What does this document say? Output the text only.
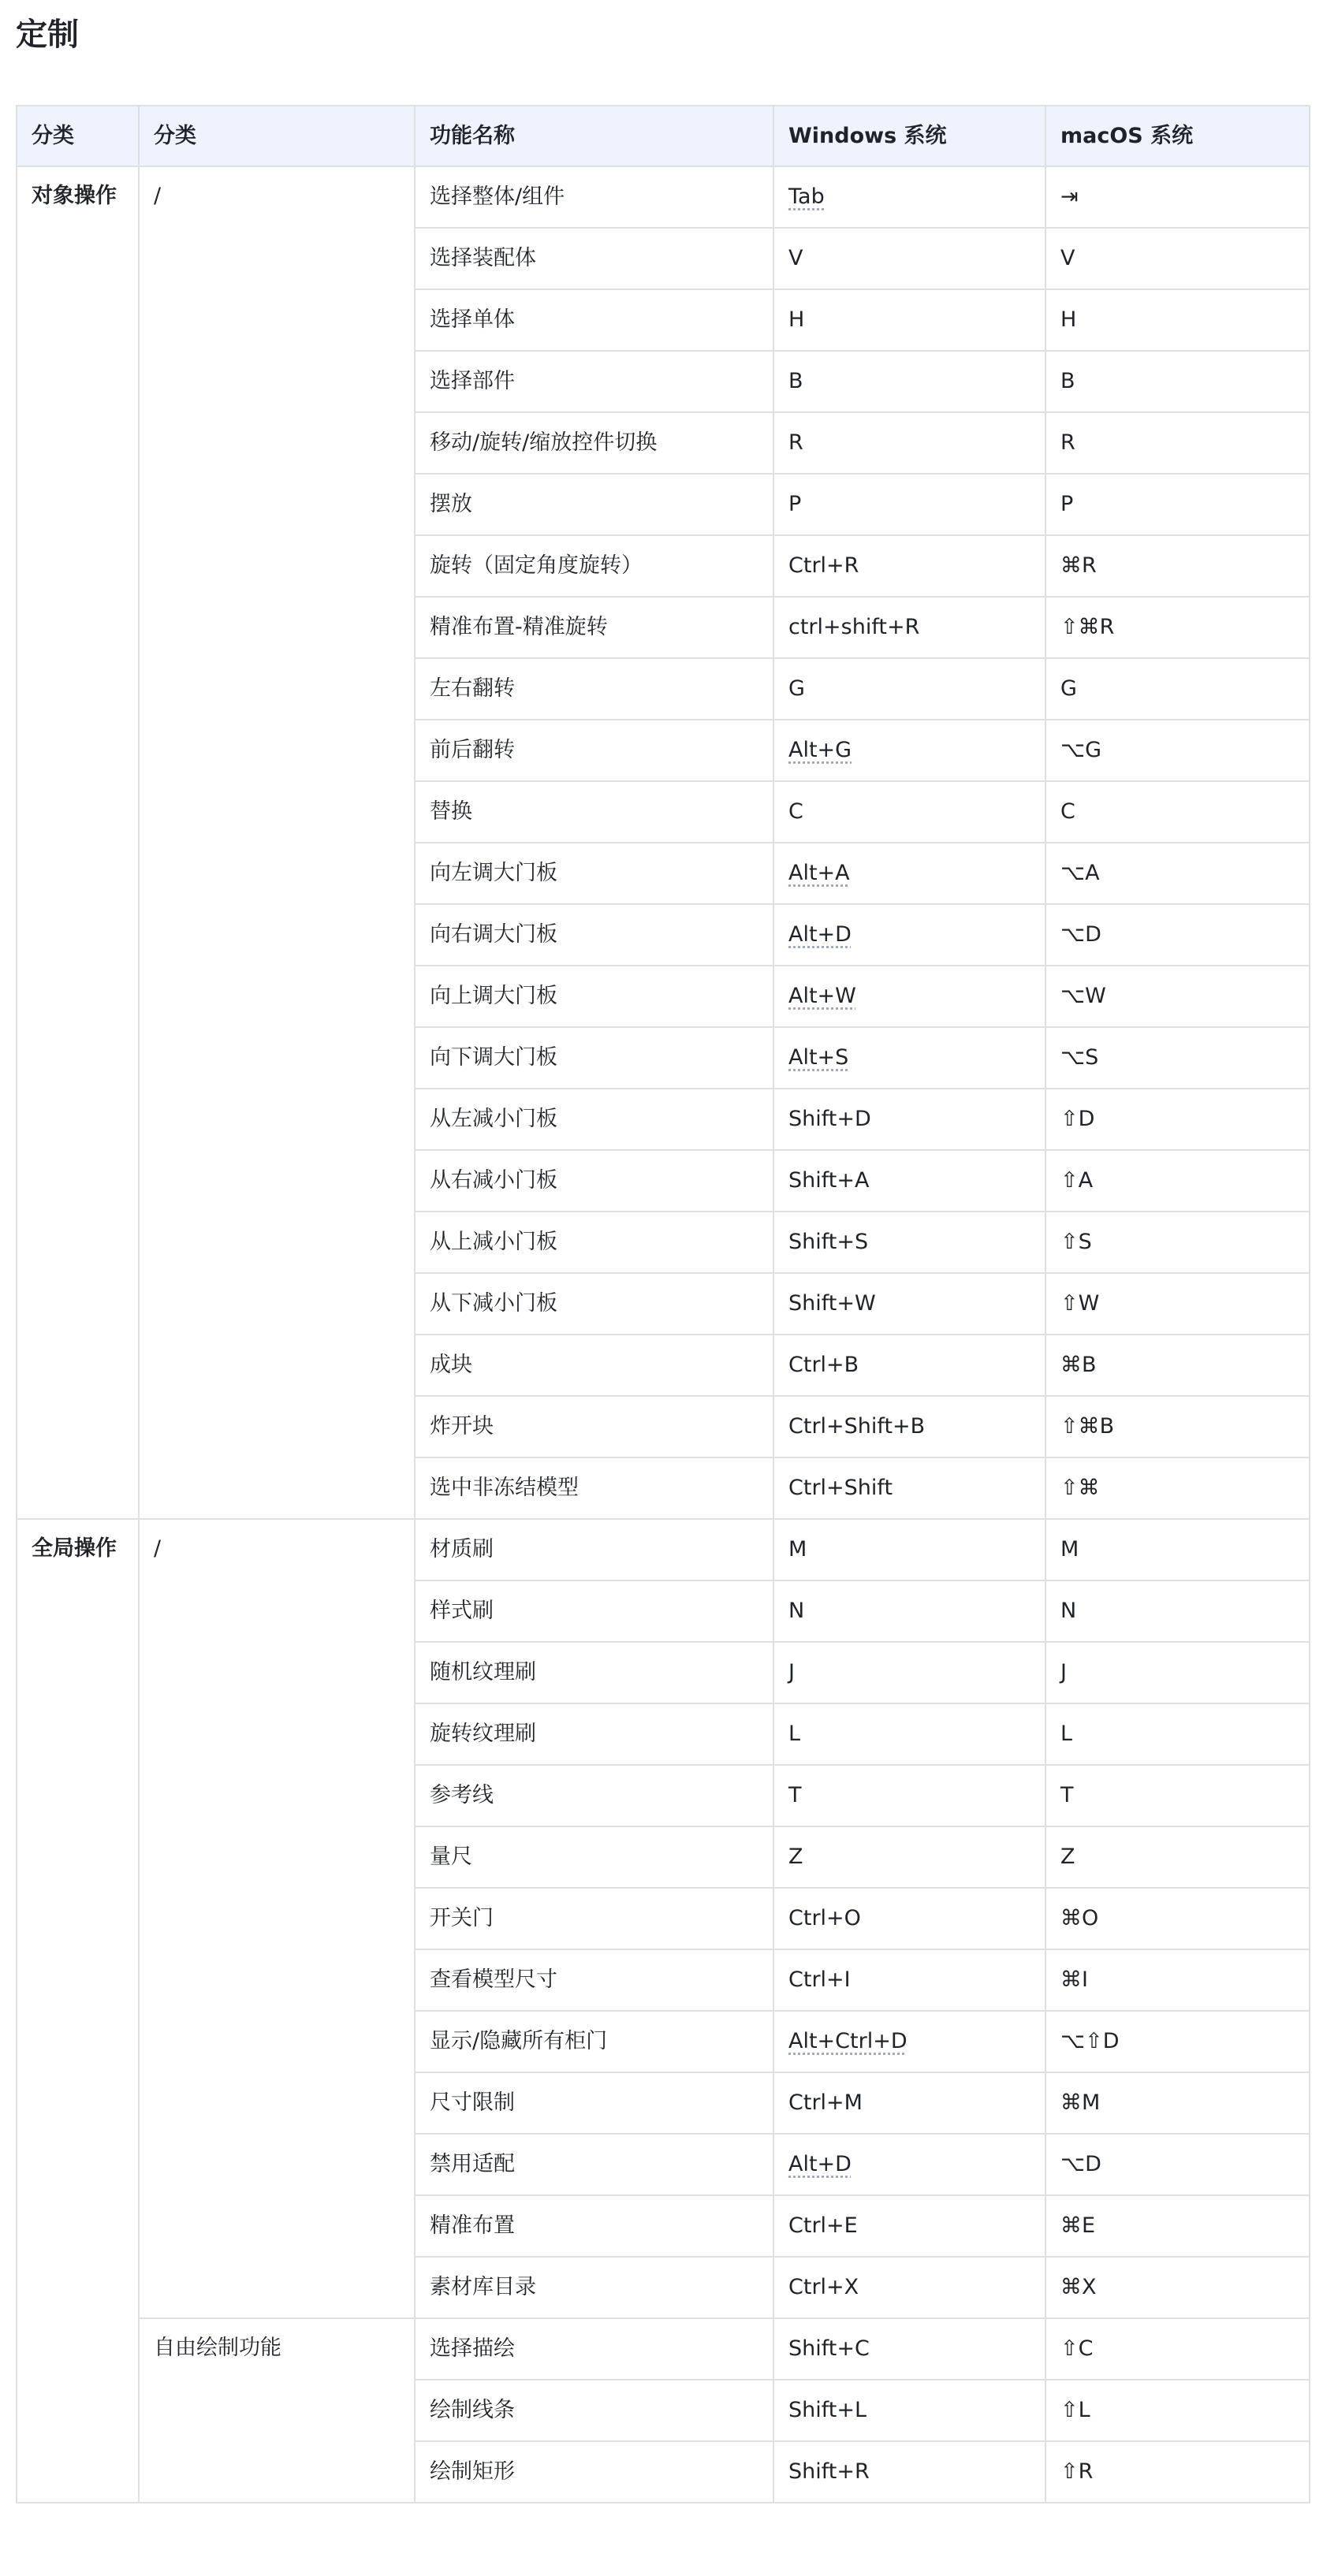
定制
分类	分类	功能名称	Windows 系统	macOS 系统
对象操作	/	选择整体/组件	Tab	⇥
		选择装配体	V	V
		选择单体	H	H
		选择部件	B	B
		移动/旋转/缩放控件切换	R	R
		摆放	P	P
		旋转（固定角度旋转）	Ctrl+R	⌘R
		精准布置-精准旋转	ctrl+shift+R	⇧⌘R
		左右翻转	G	G
		前后翻转	Alt+G	⌥G
		替换	C	C
		向左调大门板	Alt+A	⌥A
		向右调大门板	Alt+D	⌥D
		向上调大门板	Alt+W	⌥W
		向下调大门板	Alt+S	⌥S
		从左减小门板	Shift+D	⇧D
		从右减小门板	Shift+A	⇧A
		从上减小门板	Shift+S	⇧S
		从下减小门板	Shift+W	⇧W
		成块	Ctrl+B	⌘B
		炸开块	Ctrl+Shift+B	⇧⌘B
		选中非冻结模型	Ctrl+Shift	⇧⌘
全局操作	/	材质刷	M	M
		样式刷	N	N
		随机纹理刷	J	J
		旋转纹理刷	L	L
		参考线	T	T
		量尺	Z	Z
		开关门	Ctrl+O	⌘O
		查看模型尺寸	Ctrl+I	⌘I
		显示/隐藏所有柜门	Alt+Ctrl+D	⌥⇧D
		尺寸限制	Ctrl+M	⌘M
		禁用适配	Alt+D	⌥D
		精准布置	Ctrl+E	⌘E
		素材库目录	Ctrl+X	⌘X
	自由绘制功能	选择描绘	Shift+C	⇧C
		绘制线条	Shift+L	⇧L
		绘制矩形	Shift+R	⇧R
